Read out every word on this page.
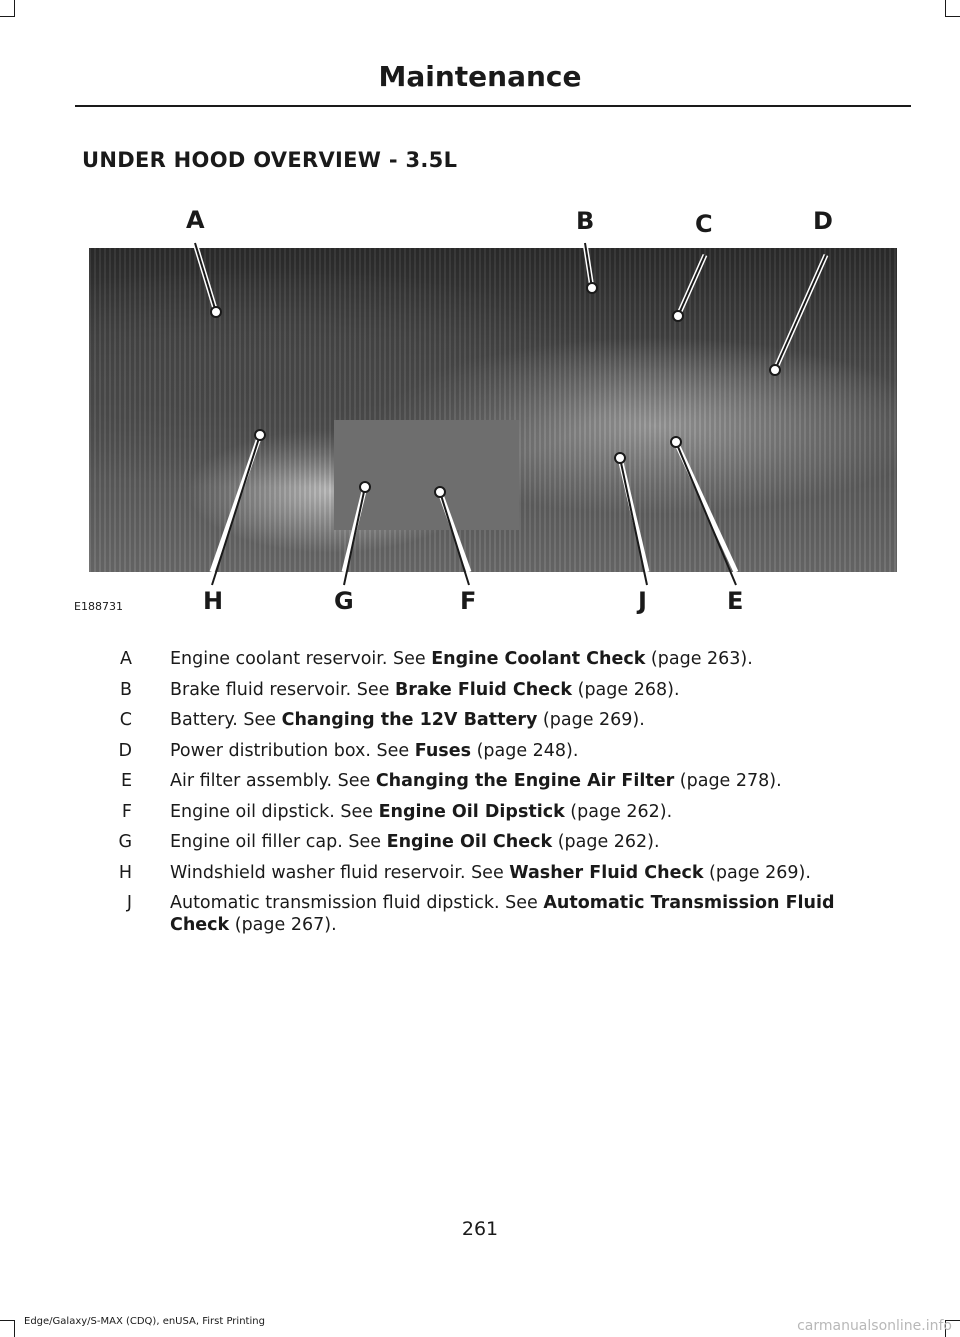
Maintenance
UNDER HOOD OVERVIEW - 3.5L
A	B	C	D
H	G	F	J	E
E188731
A	Engine coolant reservoir. See Engine Coolant Check (page 263).
B	Brake fluid reservoir. See Brake Fluid Check (page 268).
C	Battery. See Changing the 12V Battery (page 269).
D	Power distribution box. See Fuses (page 248).
E	Air filter assembly. See Changing the Engine Air Filter (page 278).
F	Engine oil dipstick. See Engine Oil Dipstick (page 262).
G	Engine oil filler cap. See Engine Oil Check (page 262).
H	Windshield washer fluid reservoir. See Washer Fluid Check (page 269).
J	Automatic transmission fluid dipstick. See Automatic Transmission Fluid Check (page 267).
261
Edge/Galaxy/S-MAX (CDQ), enUSA, First Printing	carmanualsonline.info
